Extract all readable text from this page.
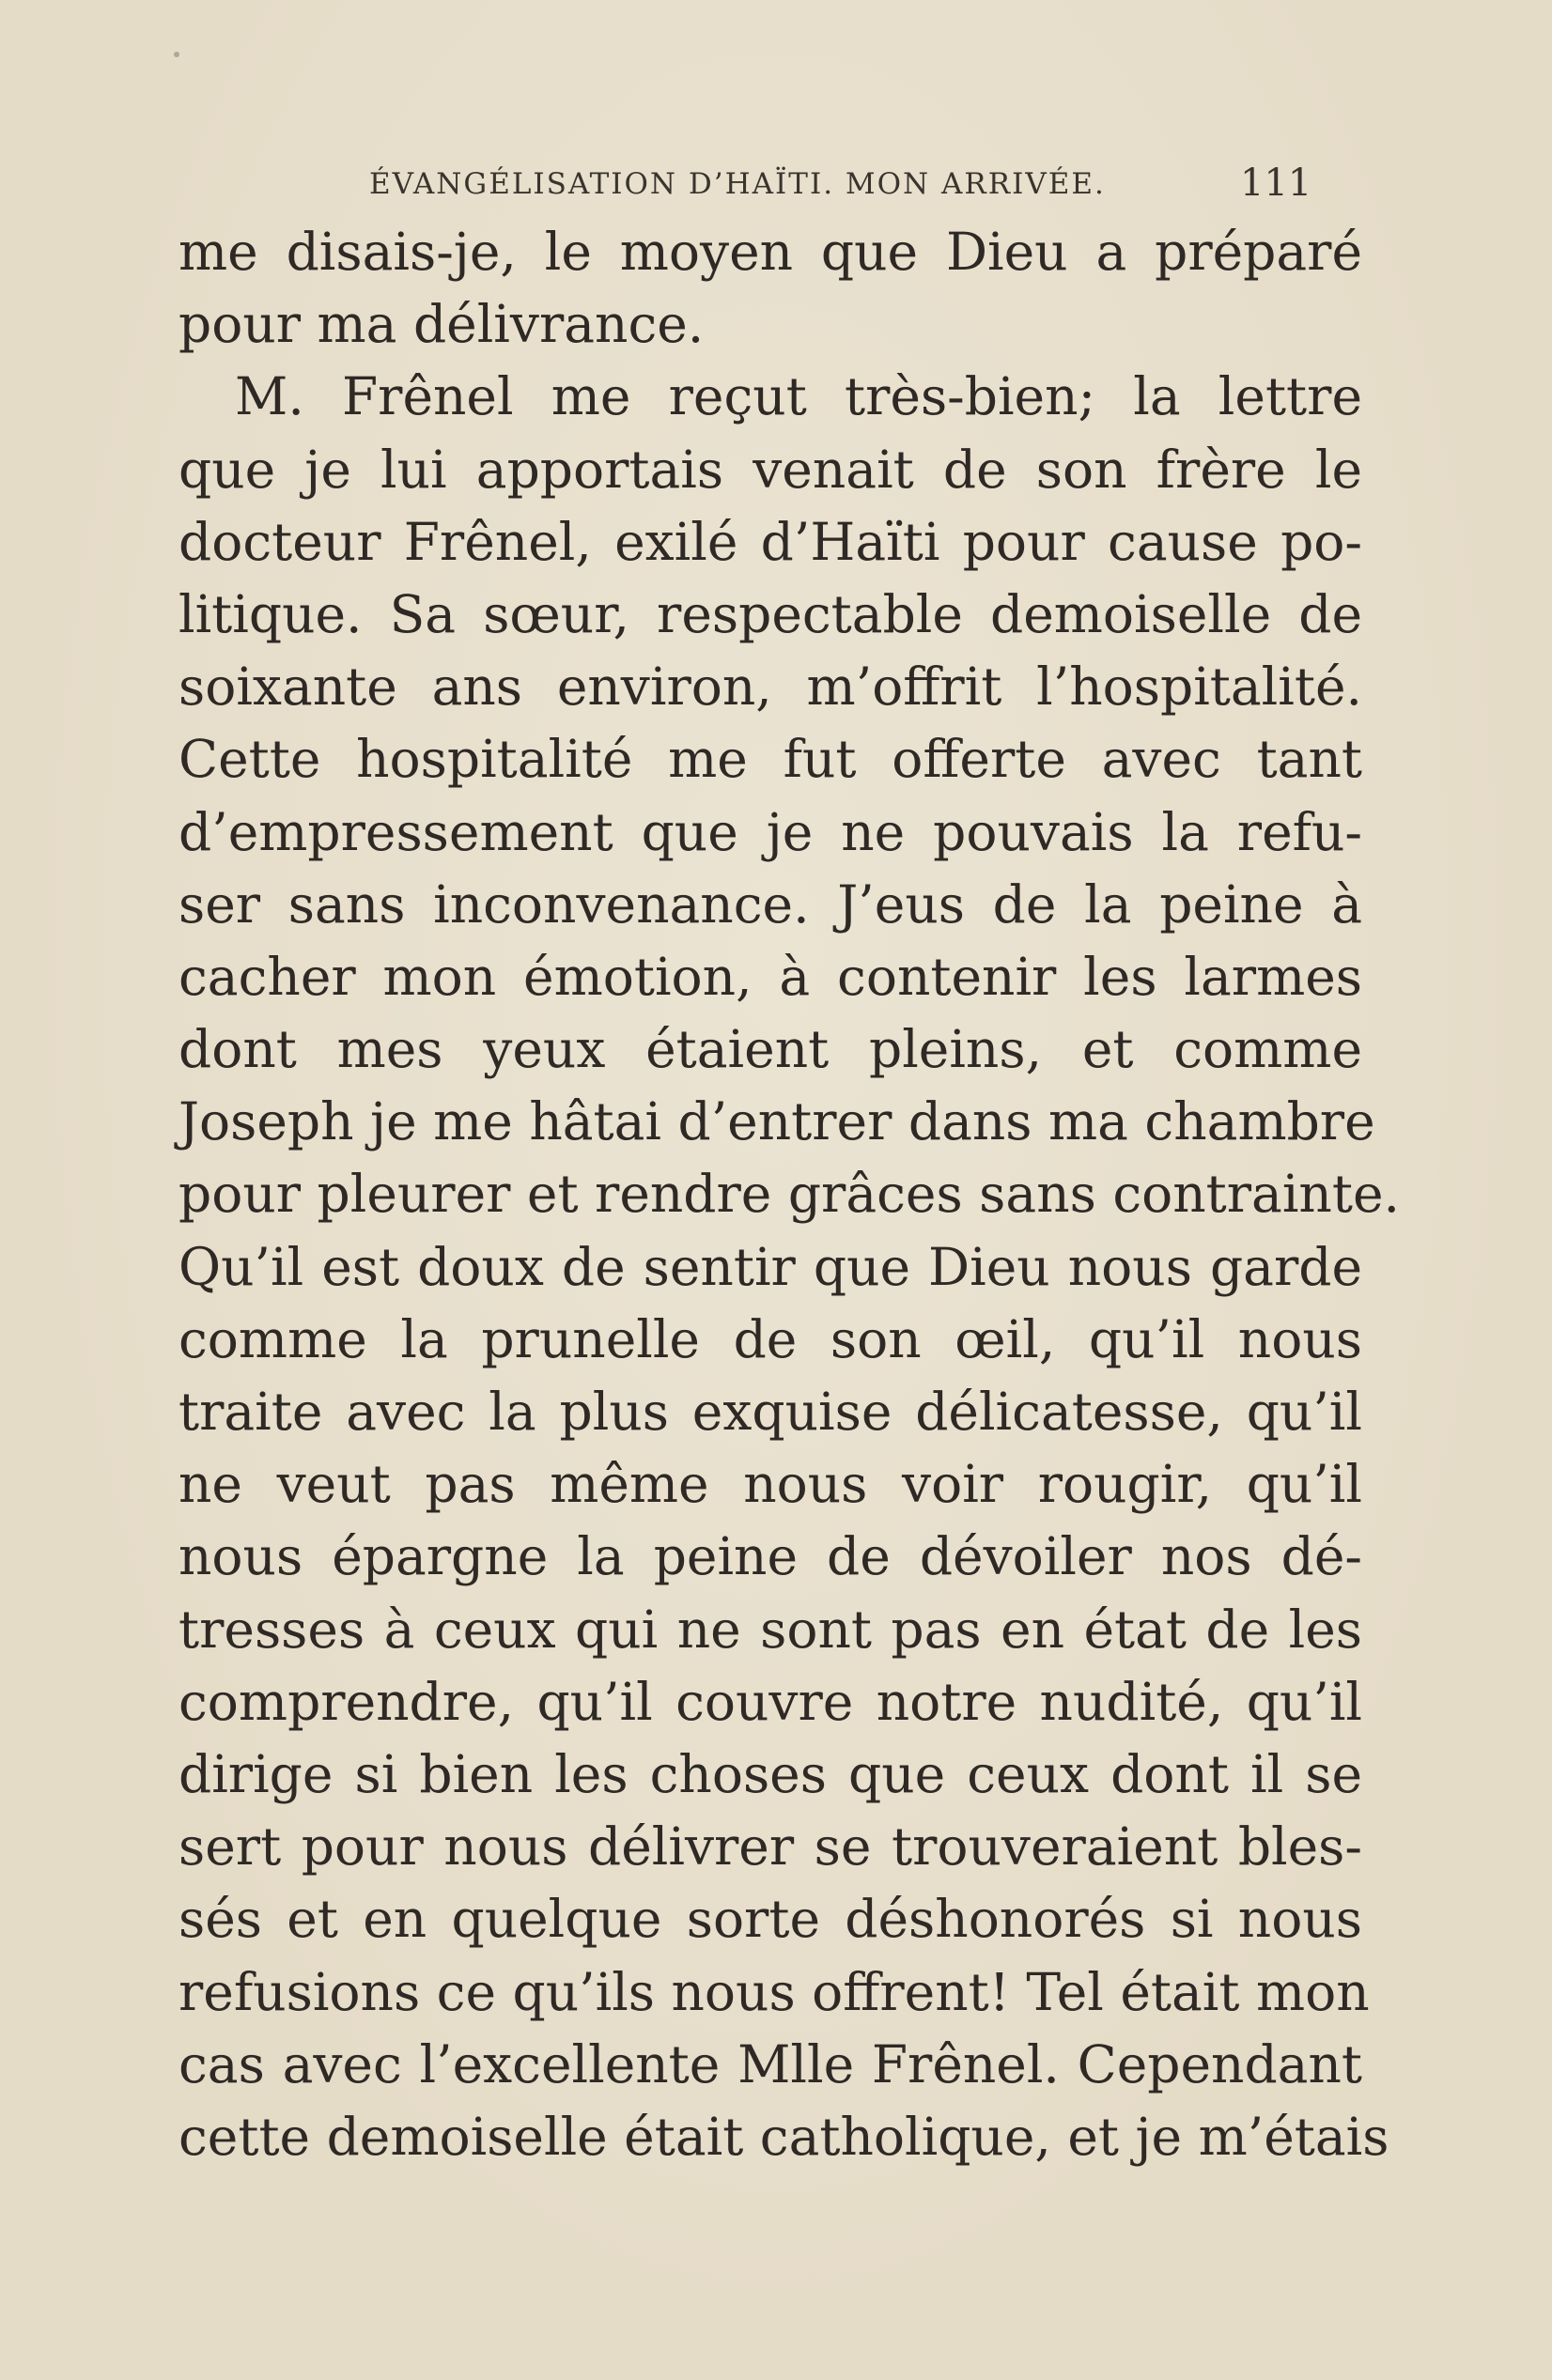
ÉVANGÉLISATION D’HAÏTI. MON ARRIVÉE.	111
me disais-je, le moyen que Dieu a préparé
pour ma délivrance.
M. Frênel me reçut très-bien; la lettre
que je lui apportais venait de son frère le
docteur Frênel, exilé d’Haïti pour cause po-
litique. Sa sœur, respectable demoiselle de
soixante ans environ, m’offrit l’hospitalité.
Cette hospitalité me fut offerte avec tant
d’empressement que je ne pouvais la refu-
ser sans inconvenance. J’eus de la peine à
cacher mon émotion, à contenir les larmes
dont mes yeux étaient pleins, et comme
Joseph je me hâtai d’entrer dans ma chambre
pour pleurer et rendre grâces sans contrainte.
Qu’il est doux de sentir que Dieu nous garde
comme la prunelle de son œil, qu’il nous
traite avec la plus exquise délicatesse, qu’il
ne veut pas même nous voir rougir, qu’il
nous épargne la peine de dévoiler nos dé-
tresses à ceux qui ne sont pas en état de les
comprendre, qu’il couvre notre nudité, qu’il
dirige si bien les choses que ceux dont il se
sert pour nous délivrer se trouveraient bles-
sés et en quelque sorte déshonorés si nous
refusions ce qu’ils nous offrent! Tel était mon
cas avec l’excellente Mlle Frênel. Cependant
cette demoiselle était catholique, et je m’étais
